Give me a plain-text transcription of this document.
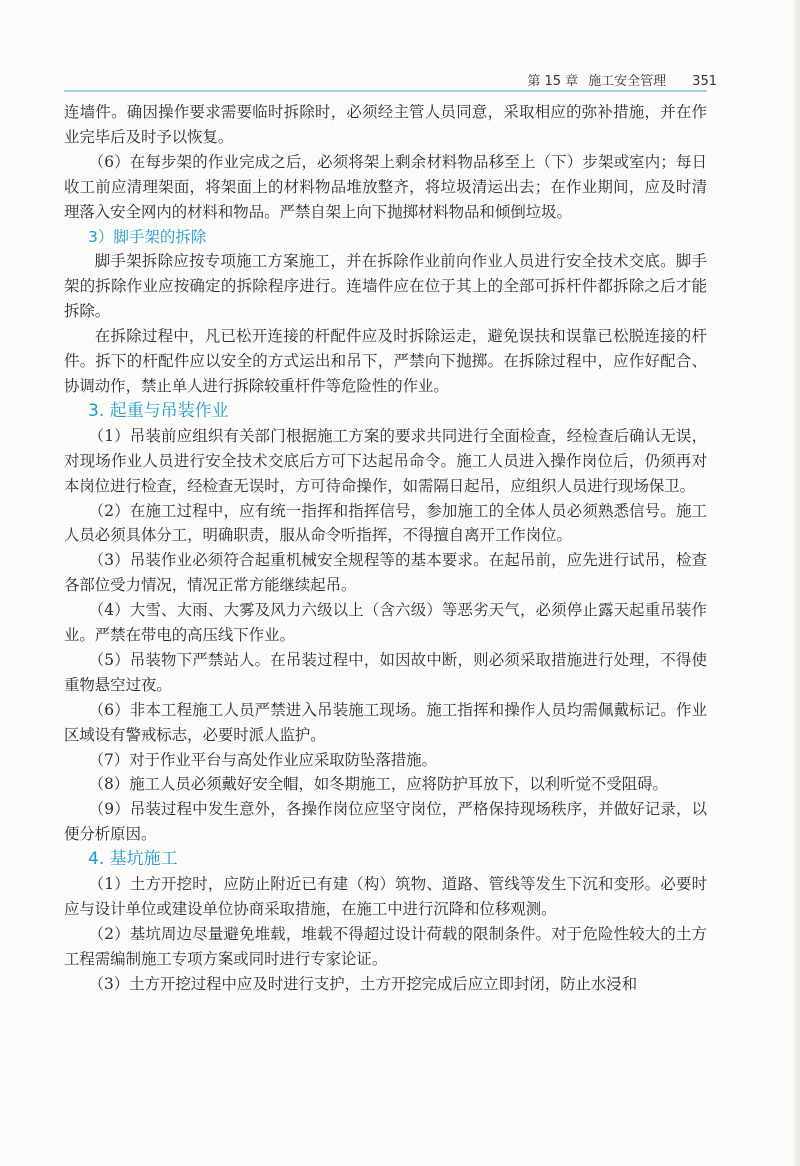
第 15 章 施工安全管理 351

连墙件。确因操作要求需要临时拆除时，必须经主管人员同意，采取相应的弥补措施，并在作业完毕后及时予以恢复。

（6）在每步架的作业完成之后，必须将架上剩余材料物品移至上（下）步架或室内；每日收工前应清理架面，将架面上的材料物品堆放整齐，将垃圾清运出去；在作业期间，应及时清理落入安全网内的材料和物品。严禁自架上向下抛掷材料物品和倾倒垃圾。

3）脚手架的拆除

脚手架拆除应按专项施工方案施工，并在拆除作业前向作业人员进行安全技术交底。脚手架的拆除作业应按确定的拆除程序进行。连墙件应在位于其上的全部可拆杆件都拆除之后才能拆除。

在拆除过程中，凡已松开连接的杆配件应及时拆除运走，避免误扶和误靠已松脱连接的杆件。拆下的杆配件应以安全的方式运出和吊下，严禁向下抛掷。在拆除过程中，应作好配合、协调动作，禁止单人进行拆除较重杆件等危险性的作业。

3. 起重与吊装作业

（1）吊装前应组织有关部门根据施工方案的要求共同进行全面检查，经检查后确认无误，对现场作业人员进行安全技术交底后方可下达起吊命令。施工人员进入操作岗位后，仍须再对本岗位进行检查，经检查无误时，方可待命操作，如需隔日起吊，应组织人员进行现场保卫。

（2）在施工过程中，应有统一指挥和指挥信号，参加施工的全体人员必须熟悉信号。施工人员必须具体分工，明确职责，服从命令听指挥，不得擅自离开工作岗位。

（3）吊装作业必须符合起重机械安全规程等的基本要求。在起吊前，应先进行试吊，检查各部位受力情况，情况正常方能继续起吊。

（4）大雪、大雨、大雾及风力六级以上（含六级）等恶劣天气，必须停止露天起重吊装作业。严禁在带电的高压线下作业。

（5）吊装物下严禁站人。在吊装过程中，如因故中断，则必须采取措施进行处理，不得使重物悬空过夜。

（6）非本工程施工人员严禁进入吊装施工现场。施工指挥和操作人员均需佩戴标记。作业区域设有警戒标志，必要时派人监护。

（7）对于作业平台与高处作业应采取防坠落措施。

（8）施工人员必须戴好安全帽，如冬期施工，应将防护耳放下，以利听觉不受阻碍。

（9）吊装过程中发生意外，各操作岗位应坚守岗位，严格保持现场秩序，并做好记录，以便分析原因。

4. 基坑施工

（1）土方开挖时，应防止附近已有建（构）筑物、道路、管线等发生下沉和变形。必要时应与设计单位或建设单位协商采取措施，在施工中进行沉降和位移观测。

（2）基坑周边尽量避免堆载，堆载不得超过设计荷载的限制条件。对于危险性较大的土方工程需编制施工专项方案或同时进行专家论证。

（3）土方开挖过程中应及时进行支护，土方开挖完成后应立即封闭，防止水浸和
